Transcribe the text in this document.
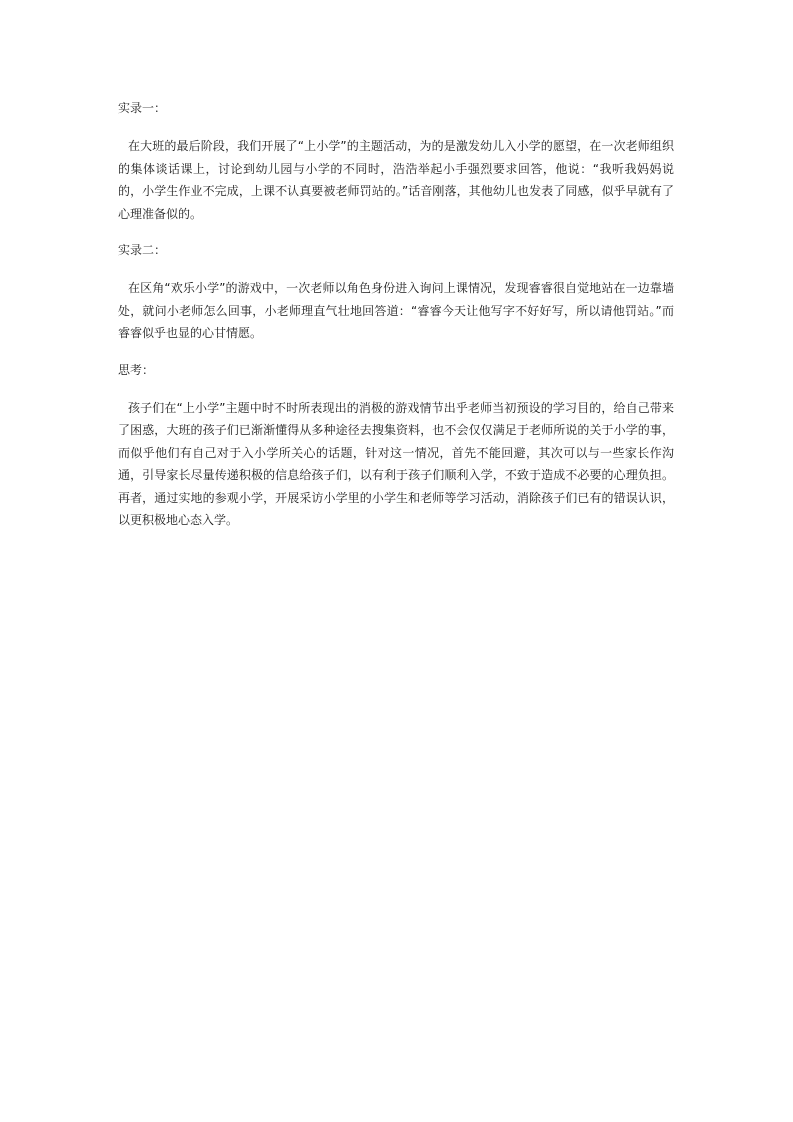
实录一：

在大班的最后阶段，我们开展了“上小学”的主题活动，为的是激发幼儿入小学的愿望，在一次老师组织的集体谈话课上，讨论到幼儿园与小学的不同时，浩浩举起小手强烈要求回答，他说：“我听我妈妈说的，小学生作业不完成，上课不认真要被老师罚站的。”话音刚落，其他幼儿也发表了同感，似乎早就有了心理准备似的。

实录二：

在区角“欢乐小学”的游戏中，一次老师以角色身份进入询问上课情况，发现睿睿很自觉地站在一边靠墙处，就问小老师怎么回事，小老师理直气壮地回答道：“睿睿今天让他写字不好好写，所以请他罚站。”而睿睿似乎也显的心甘情愿。

思考：

孩子们在“上小学”主题中时不时所表现出的消极的游戏情节出乎老师当初预设的学习目的，给自己带来了困惑，大班的孩子们已渐渐懂得从多种途径去搜集资料，也不会仅仅满足于老师所说的关于小学的事，而似乎他们有自己对于入小学所关心的话题，针对这一情况，首先不能回避，其次可以与一些家长作沟通，引导家长尽量传递积极的信息给孩子们，以有利于孩子们顺利入学，不致于造成不必要的心理负担。再者，通过实地的参观小学，开展采访小学里的小学生和老师等学习活动，消除孩子们已有的错误认识，以更积极地心态入学。
